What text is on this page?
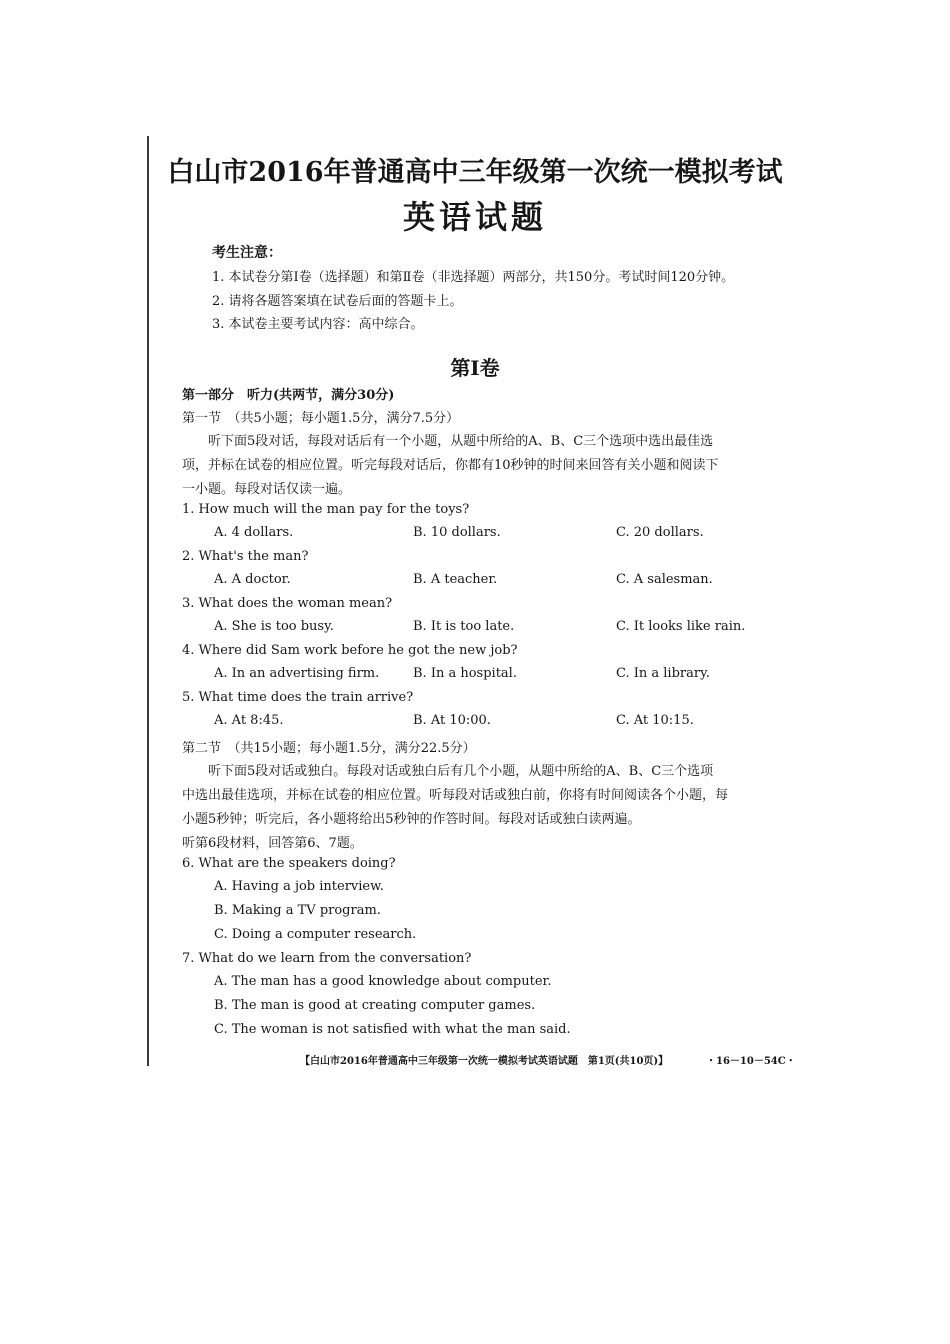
白山市2016年普通高中三年级第一次统一模拟考试
英语试题
考生注意：
1. 本试卷分第Ⅰ卷（选择题）和第Ⅱ卷（非选择题）两部分，共150分。考试时间120分钟。
2. 请将各题答案填在试卷后面的答题卡上。
3. 本试卷主要考试内容：高中综合。
第Ⅰ卷
第一部分　听力(共两节，满分30分)
第一节　（共5小题；每小题1.5分，满分7.5分）
　　听下面5段对话，每段对话后有一个小题，从题中所给的A、B、C三个选项中选出最佳选
项，并标在试卷的相应位置。听完每段对话后，你都有10秒钟的时间来回答有关小题和阅读下
一小题。每段对话仅读一遍。
1. How much will the man pay for the toys?
A. 4 dollars.	B. 10 dollars.	C. 20 dollars.
2. What's the man?
A. A doctor.	B. A teacher.	C. A salesman.
3. What does the woman mean?
A. She is too busy.	B. It is too late.	C. It looks like rain.
4. Where did Sam work before he got the new job?
A. In an advertising firm.	B. In a hospital.	C. In a library.
5. What time does the train arrive?
A. At 8:45.	B. At 10:00.	C. At 10:15.
第二节　（共15小题；每小题1.5分，满分22.5分）
　　听下面5段对话或独白。每段对话或独白后有几个小题，从题中所给的A、B、C三个选项
中选出最佳选项，并标在试卷的相应位置。听每段对话或独白前，你将有时间阅读各个小题，每
小题5秒钟；听完后，各小题将给出5秒钟的作答时间。每段对话或独白读两遍。
听第6段材料，回答第6、7题。
6. What are the speakers doing?
A. Having a job interview.
B. Making a TV program.
C. Doing a computer research.
7. What do we learn from the conversation?
A. The man has a good knowledge about computer.
B. The man is good at creating computer games.
C. The woman is not satisfied with what the man said.
【白山市2016年普通高中三年级第一次统一模拟考试英语试题　第1页(共10页)】	・16－10－54C・
